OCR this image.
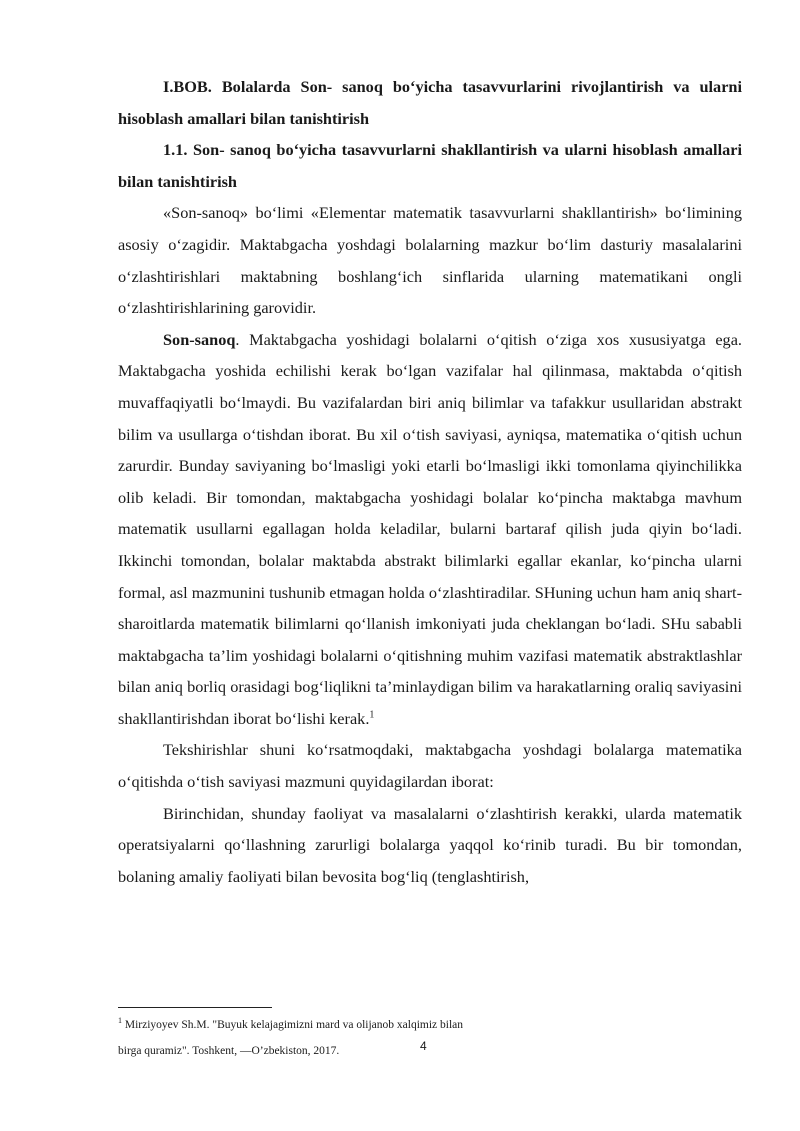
I.BOB. Bolalarda Son- sanoq bo‘yicha tasavvurlarini rivojlantirish va ularni hisoblash amallari bilan tanishtirish

1.1. Son- sanoq bo‘yicha tasavvurlarni shakllantirish va ularni hisoblash amallari bilan tanishtirish

«Son-sanoq» bo‘limi «Elementar matematik tasavvurlarni shakllantirish» bo‘limining asosiy o‘zagidir. Maktabgacha yoshdagi bolalarning mazkur bo‘lim dasturiy masalalarini o‘zlashtirishlari maktabning boshlang‘ich sinflarida ularning matematikani ongli o‘zlashtirishlarining garovidir.

Son-sanoq. Maktabgacha yoshidagi bolalarni o‘qitish o‘ziga xos xususiyatga ega. Maktabgacha yoshida echilishi kerak bo‘lgan vazifalar hal qilinmasa, maktabda o‘qitish muvaffaqiyatli bo‘lmaydi. Bu vazifalardan biri aniq bilimlar va tafakkur usullaridan abstrakt bilim va usullarga o‘tishdan iborat. Bu xil o‘tish saviyasi, ayniqsa, matematika o‘qitish uchun zarurdir. Bunday saviyaning bo‘lmasligi yoki etarli bo‘lmasligi ikki tomonlama qiyinchilikka olib keladi. Bir tomondan, maktabgacha yoshidagi bolalar ko‘pincha maktabga mavhum matematik usullarni egallagan holda keladilar, bularni bartaraf qilish juda qiyin bo‘ladi. Ikkinchi tomondan, bolalar maktabda abstrakt bilimlarki egallar ekanlar, ko‘pincha ularni formal, asl mazmunini tushunib etmagan holda o‘zlashtiradilar. SHuning uchun ham aniq shart-sharoitlarda matematik bilimlarni qo‘llanish imkoniyati juda cheklangan bo‘ladi. SHu sababli maktabgacha ta’lim yoshidagi bolalarni o‘qitishning muhim vazifasi matematik abstraktlashlar bilan aniq borliq orasidagi bog‘liqlikni ta’minlaydigan bilim va harakatlarning oraliq saviyasini shakllantirishdan iborat bo‘lishi kerak.$^1$

Tekshirishlar shuni ko‘rsatmoqdaki, maktabgacha yoshdagi bolalarga matematika o‘qitishda o‘tish saviyasi mazmuni quyidagilardan iborat:

Birinchidan, shunday faoliyat va masalalarni o‘zlashtirish kerakki, ularda matematik operatsiyalarni qo‘llashning zarurligi bolalarga yaqqol ko‘rinib turadi. Bu bir tomondan, bolaning amaliy faoliyati bilan bevosita bog‘liq (tenglashtirish,

$^1$ Mirziyoyev Sh.M. "Buyuk kelajagimizni mard va olijanob xalqimiz bilan
birga quramiz". Toshkent, ―O’zbekiston, 2017.	4
